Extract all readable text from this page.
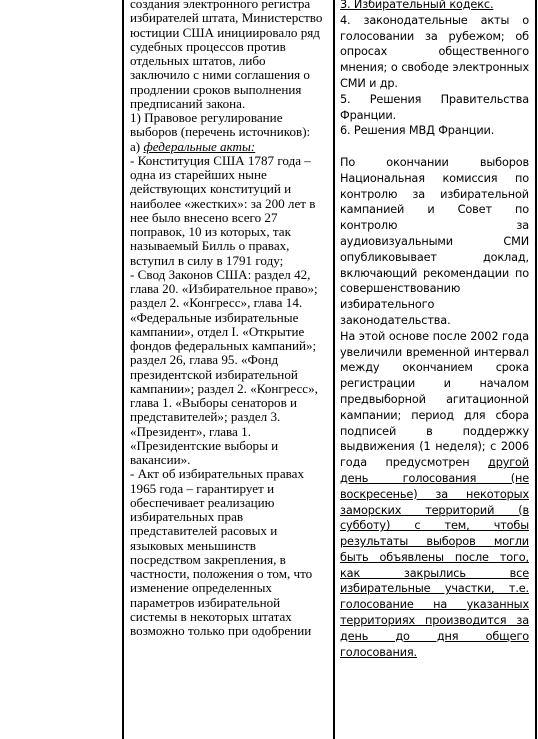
создания электронного регистра избирателей штата, Министерство юстиции США инициировало ряд судебных процессов против отдельных штатов, либо заключило с ними соглашения о продлении сроков выполнения предписаний закона.

1) Правовое регулирование выборов (перечень источников):

а) федеральные акты:

- Конституция США 1787 года – одна из старейших ныне действующих конституций и наиболее «жестких»: за 200 лет в нее было внесено всего 27 поправок, 10 из которых, так называемый Билль о правах, вступил в силу в 1791 году;

- Свод Законов США: раздел 42, глава 20. «Избирательное право»; раздел 2. «Конгресс», глава 14. «Федеральные избирательные кампании», отдел I. «Открытие фондов федеральных кампаний»; раздел 26, глава 95. «Фонд президентской избирательной кампании»; раздел 2. «Конгресс», глава 1. «Выборы сенаторов и представителей»; раздел 3. «Президент», глава 1. «Президентские выборы и вакансии».

- Акт об избирательных правах 1965 года – гарантирует и обеспечивает реализацию избирательных прав представителей расовых и языковых меньшинств посредством закрепления, в частности, положения о том, что изменение определенных параметров избирательной системы в некоторых штатах возможно только при одобрении

3. Избирательный кодекс.

4. законодательные акты о голосовании за рубежом; об опросах общественного мнения; о свободе электронных СМИ и др.

5. Решения Правительства Франции.

6. Решения МВД Франции.

По окончании выборов Национальная комиссия по контролю за избирательной кампанией и Совет по контролю за аудиовизуальными СМИ опубликовывает доклад, включающий рекомендации по совершенствованию избирательного законодательства.

На этой основе после 2002 года увеличили временной интервал между окончанием срока регистрации и началом предвыборной агитационной кампании; период для сбора подписей в поддержку выдвижения (1 неделя); с 2006 года предусмотрен другой день голосования (не воскресенье) за некоторых заморских территорий (в субботу) с тем, чтобы результаты выборов могли быть объявлены после того, как закрылись все избирательные участки, т.е. голосование на указанных территориях производится за день до дня общего голосования.
